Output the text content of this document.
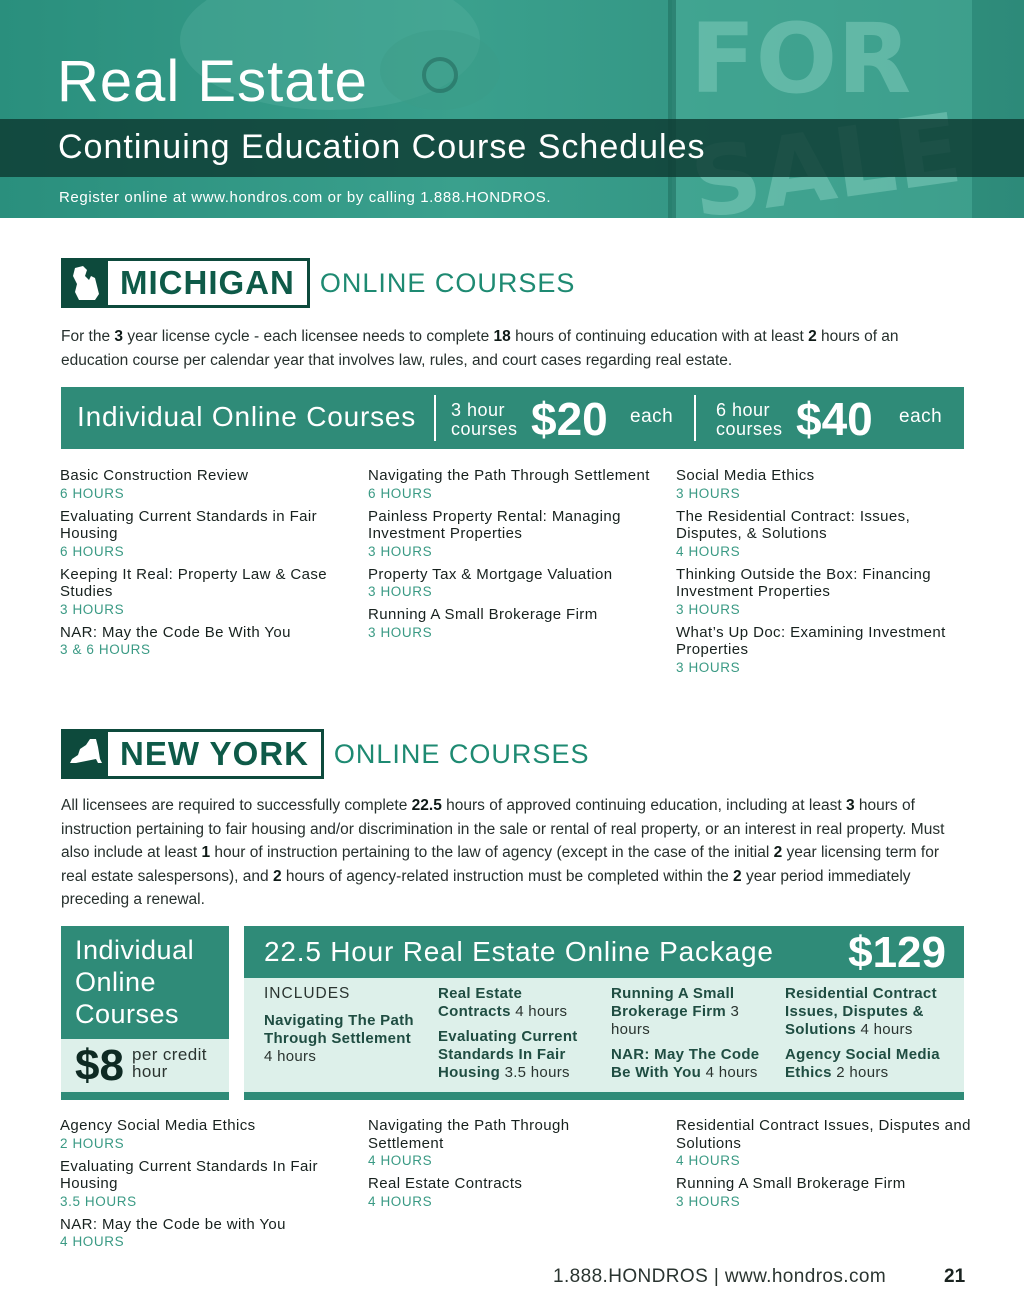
FOR
Real Estate
Continuing Education Course Schedules
Register online at www.hondros.com or by calling 1.888.HONDROS.
MICHIGAN ONLINE COURSES
For the 3 year license cycle - each licensee needs to complete 18 hours of continuing education with at least 2 hours of an education course per calendar year that involves law, rules, and court cases regarding real estate.
Individual Online Courses 3 hour
courses $20 each 6 hour
courses $40 each
Basic Construction Review
6 HOURS
Evaluating Current Standards in Fair Housing
6 HOURS
Keeping It Real: Property Law & Case Studies
3 HOURS
NAR: May the Code Be With You
3 & 6 HOURS
Navigating the Path Through Settlement
6 HOURS
Painless Property Rental: Managing Investment Properties
3 HOURS
Property Tax & Mortgage Valuation
3 HOURS
Running A Small Brokerage Firm
3 HOURS
Social Media Ethics
3 HOURS
The Residential Contract: Issues, Disputes, & Solutions
4 HOURS
Thinking Outside the Box: Financing Investment Properties
3 HOURS
What’s Up Doc: Examining Investment Properties
3 HOURS
NEW YORK ONLINE COURSES
All licensees are required to successfully complete 22.5 hours of approved continuing education, including at least 3 hours of instruction pertaining to fair housing and/or discrimination in the sale or rental of real property, or an interest in real property. Must also include at least 1 hour of instruction pertaining to the law of agency (except in the case of the initial 2 year licensing term for real estate salespersons), and 2 hours of agency-related instruction must be completed within the 2 year period immediately preceding a renewal.
Individual
Online
Courses
$8 per credit
hour
22.5 Hour Real Estate Online Package $129
INCLUDES
Navigating The Path Through Settlement 4 hours
Real Estate Contracts 4 hours
Evaluating Current Standards In Fair Housing 3.5 hours
Running A Small Brokerage Firm 3 hours
NAR: May The Code Be With You 4 hours
Residential Contract Issues, Disputes & Solutions 4 hours
Agency Social Media Ethics 2 hours
Agency Social Media Ethics
2 HOURS
Evaluating Current Standards In Fair Housing
3.5 HOURS
NAR: May the Code be with You
4 HOURS
Navigating the Path Through Settlement
4 HOURS
Real Estate Contracts
4 HOURS
Residential Contract Issues, Disputes and Solutions
4 HOURS
Running A Small Brokerage Firm
3 HOURS
1.888.HONDROS | www.hondros.com	21
